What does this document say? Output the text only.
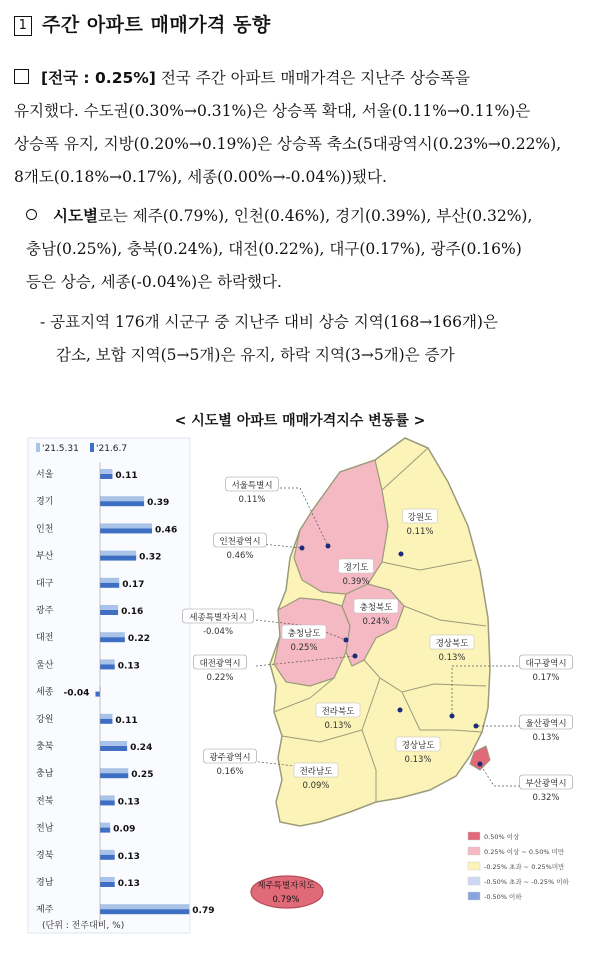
1 주간 아파트 매매가격 동향
[전국 : 0.25%] 전국 주간 아파트 매매가격은 지난주 상승폭을
유지했다. 수도권(0.30%→0.31%)은 상승폭 확대, 서울(0.11%→0.11%)은
상승폭 유지, 지방(0.20%→0.19%)은 상승폭 축소(5대광역시(0.23%→0.22%),
8개도(0.18%→0.17%), 세종(0.00%→-0.04%))됐다.
시도별로는 제주(0.79%), 인천(0.46%), 경기(0.39%), 부산(0.32%),
충남(0.25%), 충북(0.24%), 대전(0.22%), 대구(0.17%), 광주(0.16%)
등은 상승, 세종(-0.04%)은 하락했다.
- 공표지역 176개 시군구 중 지난주 대비 상승 지역(168→166개)은
감소, 보합 지역(5→5개)은 유지, 하락 지역(3→5개)은 증가
< 시도별 아파트 매매가격지수 변동률 >
'21.5.31 '21.6.7
서울	0.11
경기	0.39
인천	0.46
부산	0.32
대구	0.17
광주	0.16
대전	0.22
울산	0.13
세종 -0.04
강원	0.11
충북	0.24
충남	0.25
전북	0.13
전남	0.09
경북	0.13
경남	0.13
제주	0.79
(단위 : 전주대비, %)
서울특별시
0.11%
인천광역시
0.46%
경기도
0.39%
강원도
0.11%
세종특별자치시
-0.04%
충청북도
0.24%
충청남도
0.25%	경상북도
0.13%
대전광역시
0.22%
대구광역시
0.17%
전라북도
0.13%	울산광역시
0.13%
경상남도
0.13%
광주광역시
0.16%	전라남도
0.09%	부산광역시
0.32%
제주특별자치도
0.79%
0.50% 이상
0.25% 이상 ~ 0.50% 미만
-0.25% 초과 ~ 0.25%미만
-0.50% 초과 ~ -0.25% 이하
-0.50% 이하
